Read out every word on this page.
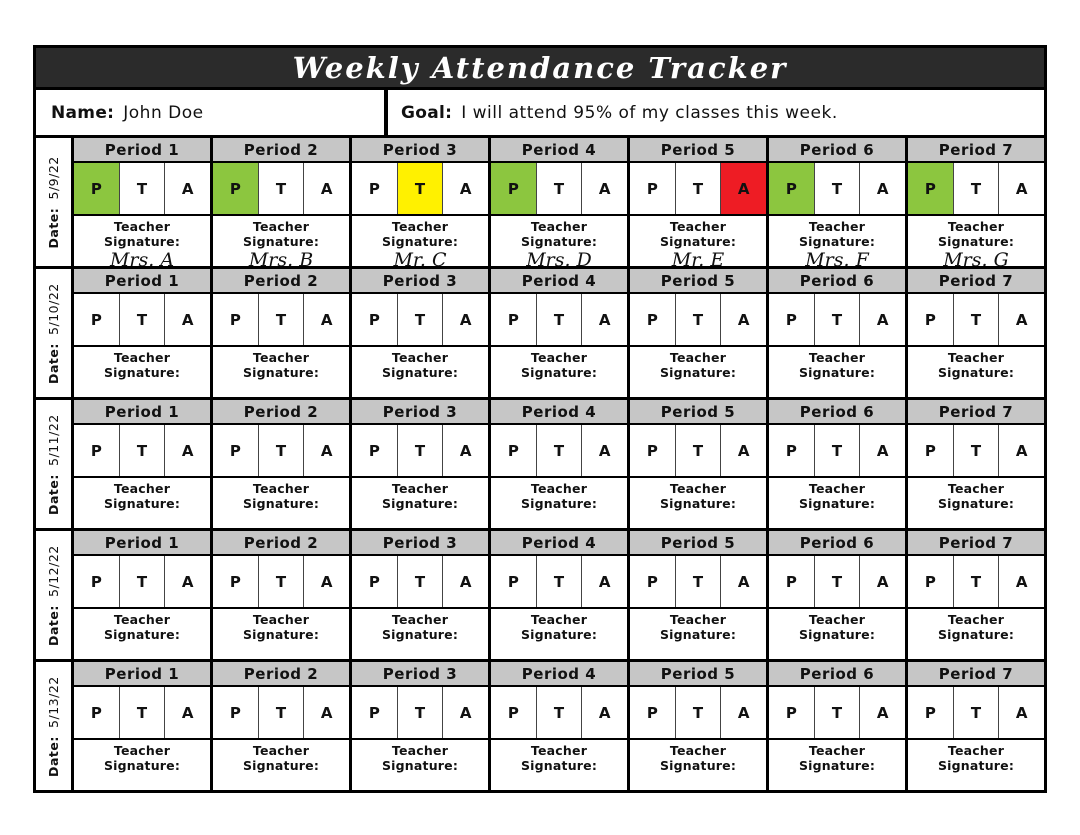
Weekly Attendance Tracker
Name: John Doe	Goal: I will attend 95% of my classes this week.
Date: 5/9/22
Period 1
P	T	A
Teacher Signature:
Mrs. A
Period 2
P	T	A
Teacher Signature:
Mrs. B
Period 3
P	T	A
Teacher Signature:
Mr. C
Period 4
P	T	A
Teacher Signature:
Mrs. D
Period 5
P	T	A
Teacher Signature:
Mr. E
Period 6
P	T	A
Teacher Signature:
Mrs. F
Period 7
P	T	A
Teacher Signature:
Mrs. G
Date: 5/10/22
Period 1
P	T	A
Teacher Signature:
Period 2
P	T	A
Teacher Signature:
Period 3
P	T	A
Teacher Signature:
Period 4
P	T	A
Teacher Signature:
Period 5
P	T	A
Teacher Signature:
Period 6
P	T	A
Teacher Signature:
Period 7
P	T	A
Teacher Signature:
Date: 5/11/22
Period 1
P	T	A
Teacher Signature:
Period 2
P	T	A
Teacher Signature:
Period 3
P	T	A
Teacher Signature:
Period 4
P	T	A
Teacher Signature:
Period 5
P	T	A
Teacher Signature:
Period 6
P	T	A
Teacher Signature:
Period 7
P	T	A
Teacher Signature:
Date: 5/12/22
Period 1
P	T	A
Teacher Signature:
Period 2
P	T	A
Teacher Signature:
Period 3
P	T	A
Teacher Signature:
Period 4
P	T	A
Teacher Signature:
Period 5
P	T	A
Teacher Signature:
Period 6
P	T	A
Teacher Signature:
Period 7
P	T	A
Teacher Signature:
Date: 5/13/22
Period 1
P	T	A
Teacher Signature:
Period 2
P	T	A
Teacher Signature:
Period 3
P	T	A
Teacher Signature:
Period 4
P	T	A
Teacher Signature:
Period 5
P	T	A
Teacher Signature:
Period 6
P	T	A
Teacher Signature:
Period 7
P	T	A
Teacher Signature:
